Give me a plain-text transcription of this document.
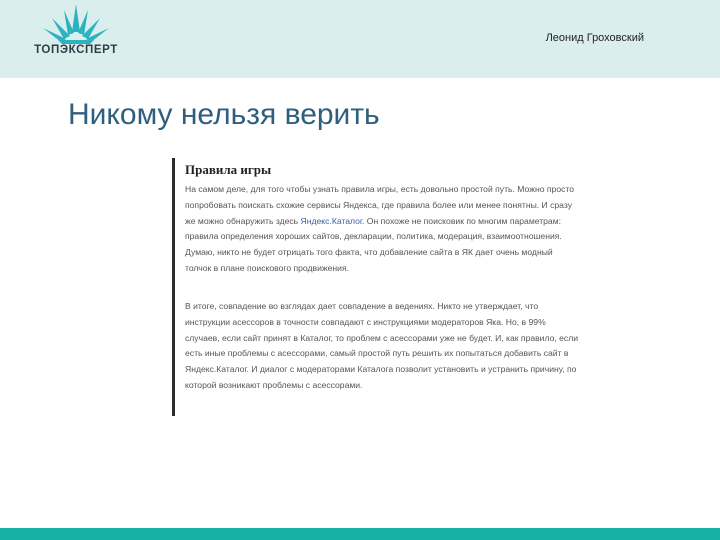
ТОПЭКСПЕРТ
Леонид Гроховский
Никому нельзя верить
Правила игры
На самом деле, для того чтобы узнать правила игры, есть довольно простой путь. Можно просто попробовать поискать схожие сервисы Яндекса, где правила более или менее понятны. И сразу же можно обнаружить здесь Яндекс.Каталог. Он похоже не поисковик по многим параметрам: правила определения хороших сайтов, декларации, политика, модерация, взаимоотношения. Думаю, никто не будет отрицать того факта, что добавление сайта в ЯК дает очень модный толчок в плане поискового продвижения.
В итоге, совпадение во взглядах дает совпадение в ведениях. Никто не утверждает, что инструкции асессоров в точности совпадают с инструкциями модераторов Яка. Но, в 99% случаев, если сайт принят в Каталог, то проблем с асессорами уже не будет. И, как правило, если есть иные проблемы с асессорами, самый простой путь решить их попытаться добавить сайт в Яндекс.Каталог. И диалог с модераторами Каталога позволит установить и устранить причину, по которой возникают проблемы с асессорами.
